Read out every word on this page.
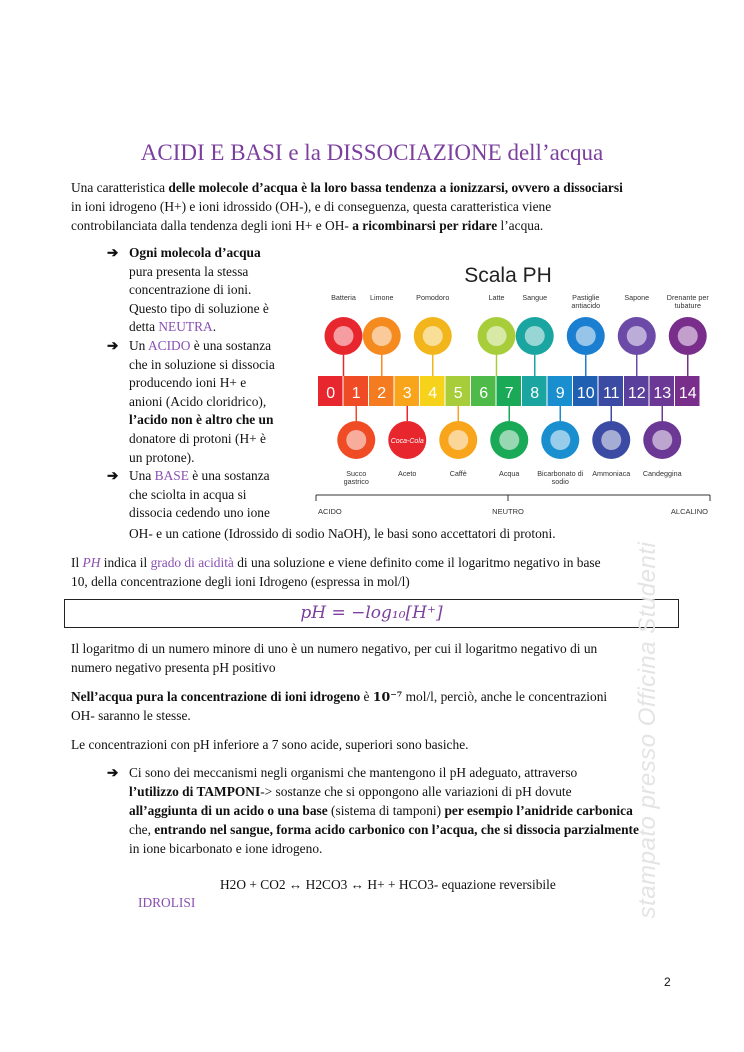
ACIDI E BASI e la DISSOCIAZIONE dell’acqua
Una caratteristica delle molecole d’acqua è la loro bassa tendenza a ionizzarsi, ovvero a dissociarsi
in ioni idrogeno (H+) e ioni idrossido (OH-), e di conseguenza, questa caratteristica viene
controbilanciata dalla tendenza degli ioni H+ e OH- a ricombinarsi per ridare l’acqua.
➔ Ogni molecola d’acqua
pura presenta la stessa
concentrazione di ioni.
Questo tipo di soluzione è
detta NEUTRA.
➔ Un ACIDO è una sostanza
che in soluzione si dissocia
producendo ioni H+ e
anioni (Acido cloridrico),
l’acido non è altro che un
donatore di protoni (H+ è
un protone).
➔ Una BASE è una sostanza
che sciolta in acqua si
dissocia cedendo uno ione
OH- e un catione (Idrossido di sodio NaOH), le basi sono accettatori di protoni.
Scala PH
Batteria Limone	Pomodoro	Latte Sangue	Pastiglie
antiacido
Sapone Drenante per
tubature
0 1 2 3 4 5 6 7 8 9 10 11 12 13 14
Coca-Cola
Succo
gastrico
Aceto	Caffè	Acqua Bicarbonato di
sodio
Ammoniaca Candeggina
ACIDO	NEUTRO	ALCALINO
Il PH indica il grado di acidità di una soluzione e viene definito come il logaritmo negativo in base
10, della concentrazione degli ioni Idrogeno (espressa in mol/l)
pH = −log₁₀[H⁺]
Il logaritmo di un numero minore di uno è un numero negativo, per cui il logaritmo negativo di un
numero negativo presenta pH positivo
Nell’acqua pura la concentrazione di ioni idrogeno è 10⁻⁷ mol/l, perciò, anche le concentrazioni
OH- saranno le stesse.
Le concentrazioni con pH inferiore a 7 sono acide, superiori sono basiche.
➔ Ci sono dei meccanismi negli organismi che mantengono il pH adeguato, attraverso
l’utilizzo di TAMPONI-> sostanze che si oppongono alle variazioni di pH dovute
all’aggiunta di un acido o una base (sistema di tamponi) per esempio l’anidride carbonica
che, entrando nel sangue, forma acido carbonico con l’acqua, che si dissocia parzialmente
in ione bicarbonato e ione idrogeno.
H2O + CO2 ↔ H2CO3 ↔ H+ + HCO3- equazione reversibile
IDROLISI	stampato presso Officina Studenti
2
